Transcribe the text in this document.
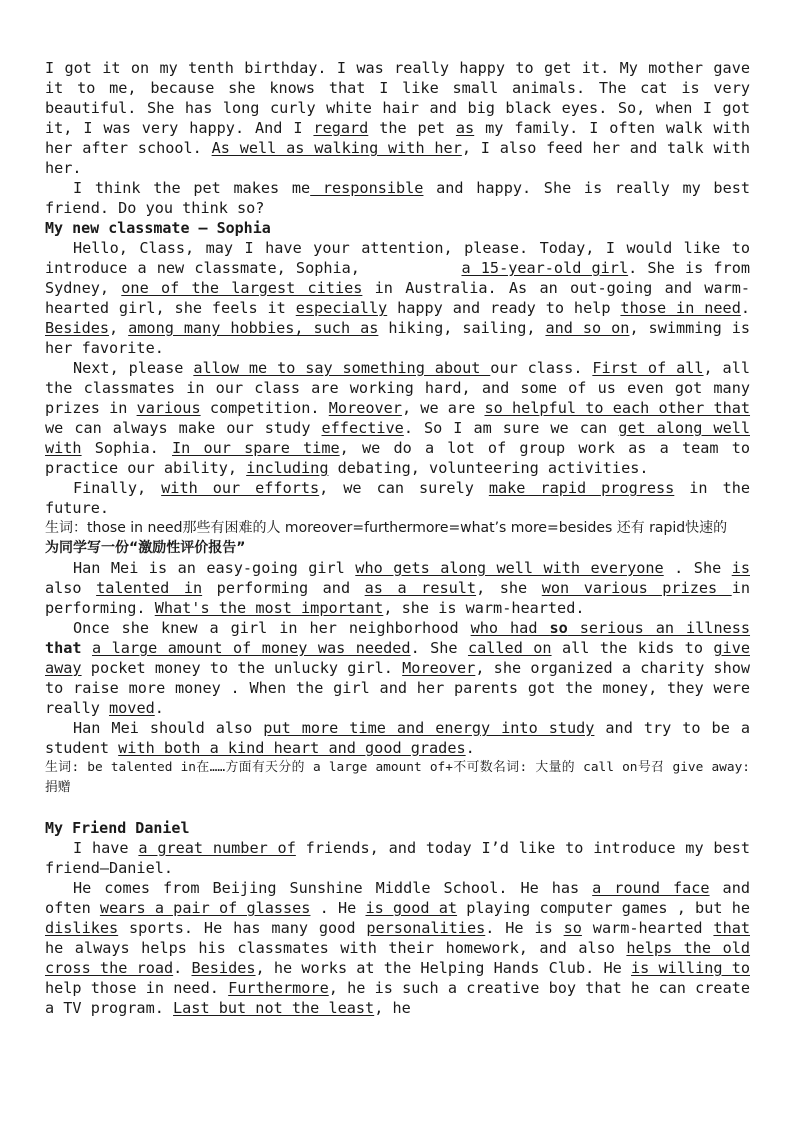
I got it on my tenth birthday. I was really happy to get it. My mother gave it to me, because she knows that I like small animals. The cat is very beautiful. She has long curly white hair and big black eyes. So, when I got it, I was very happy. And I regard the pet as my family. I often walk with her after school. As well as walking with her, I also feed her and talk with her.

I think the pet makes me responsible and happy. She is really my best friend. Do you think so?

My new classmate — Sophia

Hello, Class, may I have your attention, please. Today, I would like to introduce a new classmate, Sophia,          a 15-year-old girl. She is from Sydney, one of the largest cities in Australia. As an out-going and warm-hearted girl, she feels it especially happy and ready to help those in need. Besides, among many hobbies, such as hiking, sailing, and so on, swimming is her favorite.

Next, please allow me to say something about our class. First of all, all the classmates in our class are working hard, and some of us even got many prizes in various competition. Moreover, we are so helpful to each other that we can always make our study effective. So I am sure we can get along well with Sophia. In our spare time, we do a lot of group work as a team to practice our ability, including debating, volunteering activities.

Finally, with our efforts, we can surely make rapid progress in the future.

生词：those in need那些有困难的人 moreover=furthermore=what’s more=besides 还有 rapid快速的

为同学写一份“激励性评价报告”

Han Mei is an easy-going girl who gets along well with everyone . She is also talented in performing and as a result, she won various prizes in performing. What's the most important, she is warm-hearted.

Once she knew a girl in her neighborhood who had so serious an illness that a large amount of money was needed. She called on all the kids to give away pocket money to the unlucky girl. Moreover, she organized a charity show to raise more money . When the girl and her parents got the money, they were really moved.

Han Mei should also put more time and energy into study and try to be a student with both a kind heart and good grades.

生词: be talented in在……方面有天分的 a large amount of+不可数名词: 大量的 call on号召 give away: 捐赠

My Friend Daniel

I have a great number of friends, and today I’d like to introduce my best friend—Daniel.

He comes from Beijing Sunshine Middle School. He has a round face and often wears a pair of glasses . He is good at playing computer games , but he dislikes sports. He has many good personalities. He is so warm-hearted that he always helps his classmates with their homework, and also helps the old cross the road. Besides, he works at the Helping Hands Club. He is willing to help those in need. Furthermore, he is such a creative boy that he can create a TV program. Last but not the least, he
